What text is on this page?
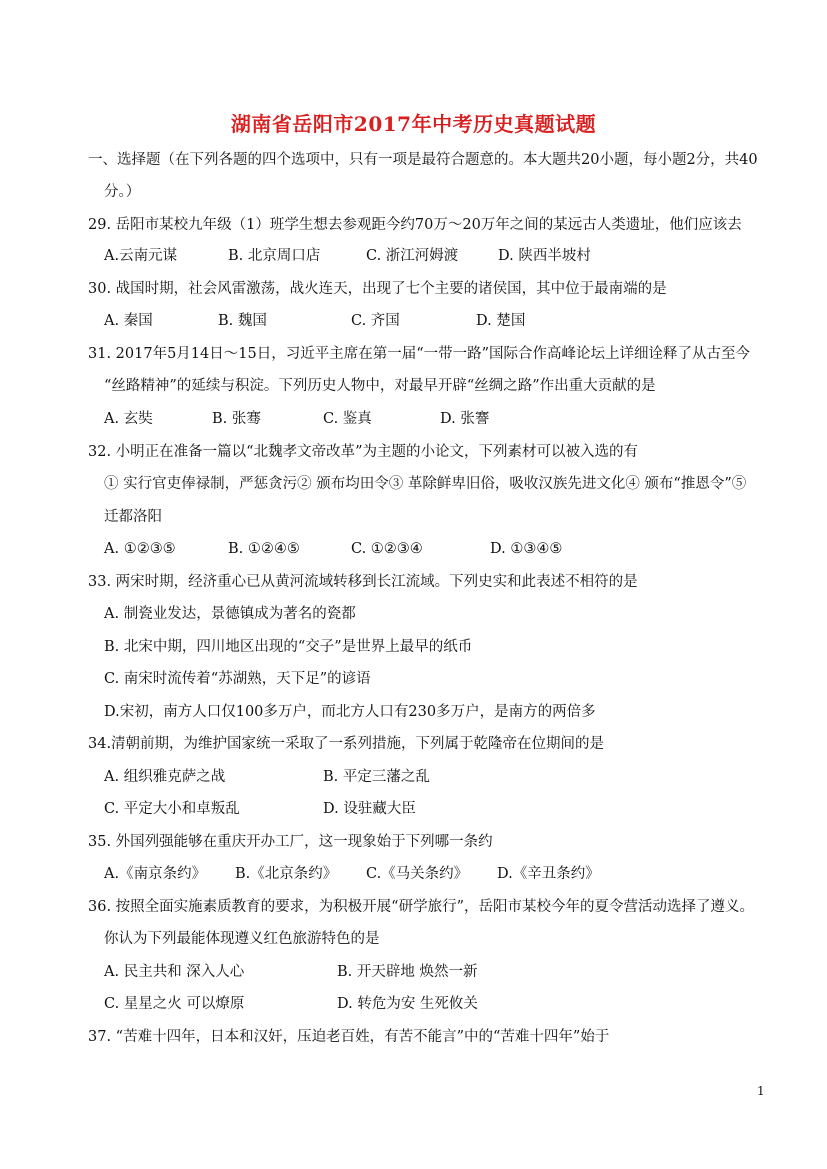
湖南省岳阳市2017年中考历史真题试题
一、选择题（在下列各题的四个选项中，只有一项是最符合题意的。本大题共20小题，每小题2分，共40
分。）
29. 岳阳市某校九年级（1）班学生想去参观距今约70万～20万年之间的某远古人类遗址，他们应该去
A.云南元谋	B. 北京周口店	C. 浙江河姆渡	D. 陕西半坡村
30. 战国时期，社会风雷激荡，战火连天，出现了七个主要的诸侯国，其中位于最南端的是
A. 秦国	B. 魏国	C. 齐国	D. 楚国
31. 2017年5月14日～15日，习近平主席在第一届“一带一路”国际合作高峰论坛上详细诠释了从古至今
“丝路精神”的延续与积淀。下列历史人物中，对最早开辟“丝绸之路”作出重大贡献的是
A. 玄奘	B. 张骞	C. 鉴真	D. 张謇
32. 小明正在准备一篇以“北魏孝文帝改革”为主题的小论文，下列素材可以被入选的有
① 实行官吏俸禄制，严惩贪污② 颁布均田令③ 革除鲜卑旧俗，吸收汉族先进文化④ 颁布“推恩令”⑤
迁都洛阳
A. ①②③⑤	B. ①②④⑤	C. ①②③④	D. ①③④⑤
33. 两宋时期，经济重心已从黄河流域转移到长江流域。下列史实和此表述不相符的是
A. 制瓷业发达，景德镇成为著名的瓷都
B. 北宋中期，四川地区出现的“交子”是世界上最早的纸币
C. 南宋时流传着“苏湖熟，天下足”的谚语
D.宋初，南方人口仅100多万户，而北方人口有230多万户，是南方的两倍多
34.清朝前期，为维护国家统一采取了一系列措施，下列属于乾隆帝在位期间的是
A. 组织雅克萨之战	B. 平定三藩之乱
C. 平定大小和卓叛乱	D. 设驻藏大臣
35. 外国列强能够在重庆开办工厂，这一现象始于下列哪一条约
A.《南京条约》 B.《北京条约》 C.《马关条约》 D.《辛丑条约》
36. 按照全面实施素质教育的要求，为积极开展“研学旅行”，岳阳市某校今年的夏令营活动选择了遵义。
你认为下列最能体现遵义红色旅游特色的是
A. 民主共和 深入人心	B. 开天辟地 焕然一新
C. 星星之火 可以燎原	D. 转危为安 生死攸关
37. “苦难十四年，日本和汉奸，压迫老百姓，有苦不能言”中的“苦难十四年”始于
1
